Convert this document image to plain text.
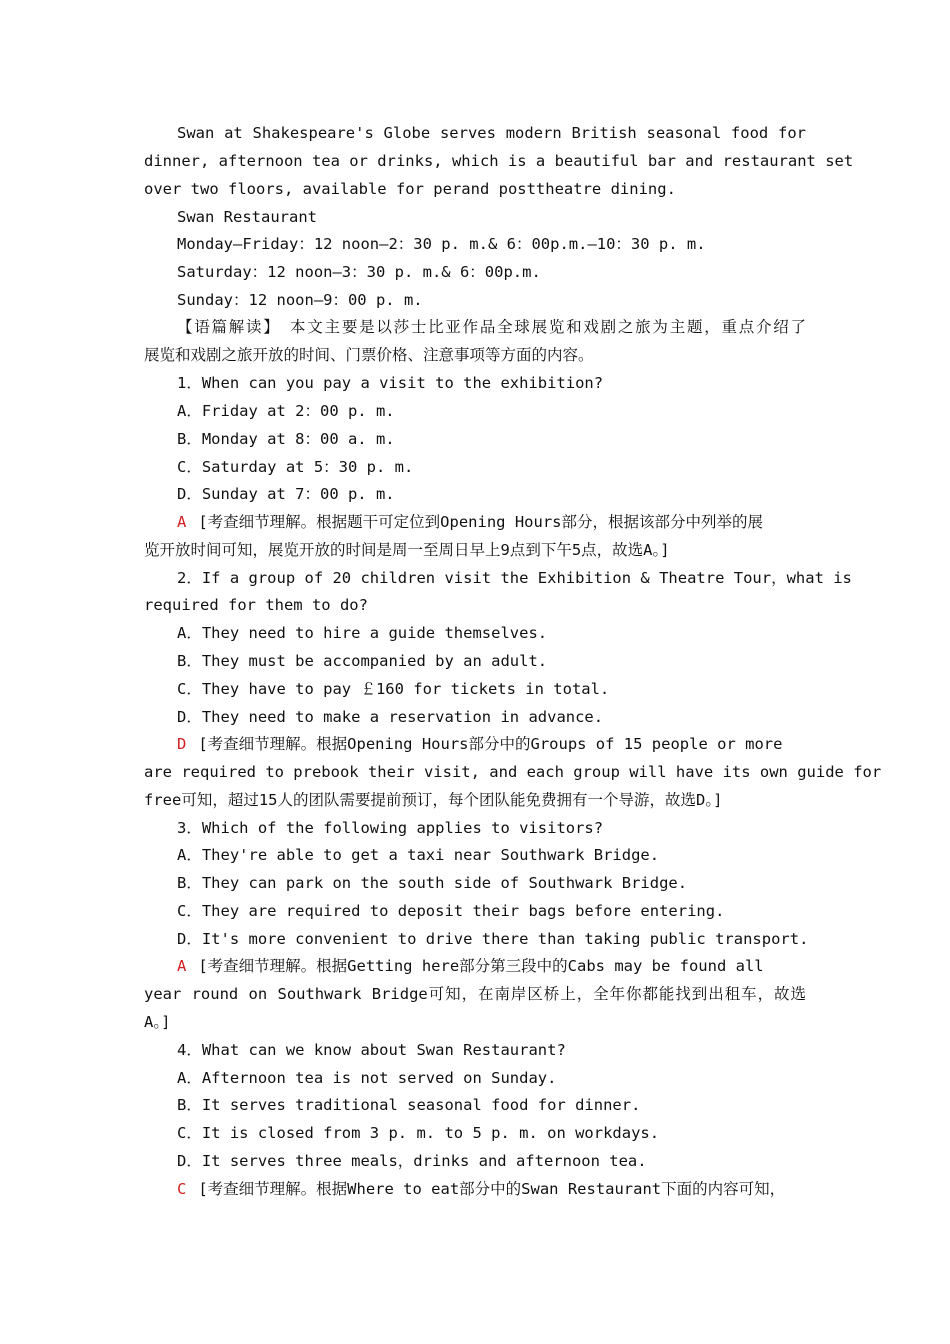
Swan at Shakespeare's Globe serves modern British seasonal food for
dinner, afternoon tea or drinks, which is a beautiful bar and restaurant set
over two floors, available for perand posttheatre dining.
Swan Restaurant
Monday—Friday：12 noon—2：30 p. m.& 6：00p.m.—10：30 p. m.
Saturday：12 noon—3：30 p. m.& 6：00p.m.
Sunday：12 noon—9：00 p. m.
【语篇解读】　本文主要是以莎士比亚作品全球展览和戏剧之旅为主题，重点介绍了
展览和戏剧之旅开放的时间、门票价格、注意事项等方面的内容。
1．When can you pay a visit to the exhibition?
A．Friday at 2：00 p. m.
B．Monday at 8：00 a. m.
C．Saturday at 5：30 p. m.
D．Sunday at 7：00 p. m.
A [考查细节理解。根据题干可定位到Opening Hours部分，根据该部分中列举的展
览开放时间可知，展览开放的时间是周一至周日早上9点到下午5点，故选A。]
2．If a group of 20 children visit the Exhibition & Theatre Tour，what is
required for them to do?
A．They need to hire a guide themselves.
B．They must be accompanied by an adult.
C．They have to pay ￡160 for tickets in total.
D．They need to make a reservation in advance.
D [考查细节理解。根据Opening Hours部分中的Groups of 15 people or more
are required to prebook their visit, and each group will have its own guide for
free可知，超过15人的团队需要提前预订，每个团队能免费拥有一个导游，故选D。]
3．Which of the following applies to visitors?
A．They're able to get a taxi near Southwark Bridge.
B．They can park on the south side of Southwark Bridge.
C．They are required to deposit their bags before entering.
D．It's more convenient to drive there than taking public transport.
A [考查细节理解。根据Getting here部分第三段中的Cabs may be found all
year round on Southwark Bridge可知，在南岸区桥上，全年你都能找到出租车，故选
A。]
4．What can we know about Swan Restaurant?
A．Afternoon tea is not served on Sunday.
B．It serves traditional seasonal food for dinner.
C．It is closed from 3 p. m. to 5 p. m. on workdays.
D．It serves three meals，drinks and afternoon tea.
C [考查细节理解。根据Where to eat部分中的Swan Restaurant下面的内容可知，
